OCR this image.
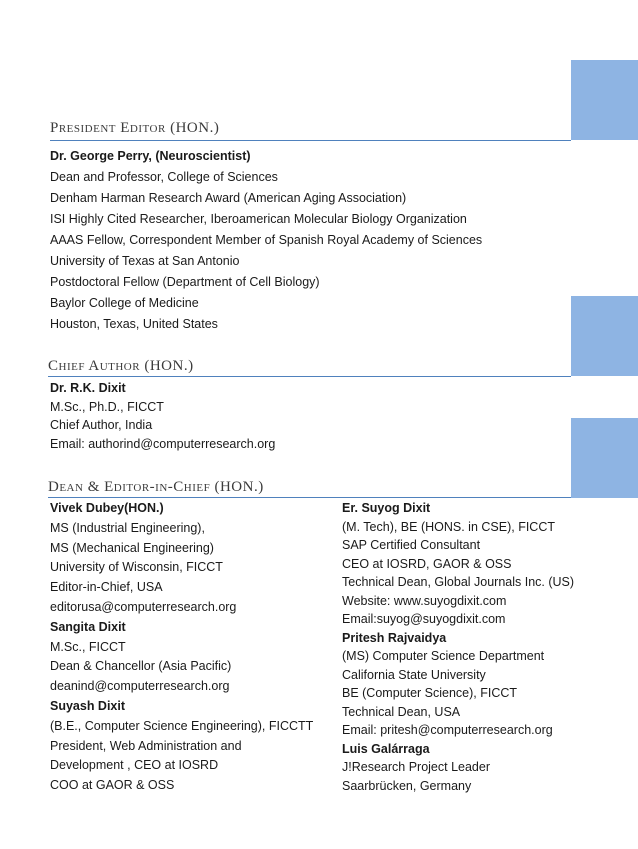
President Editor (HON.)
Dr. George Perry, (Neuroscientist)
Dean and Professor, College of Sciences
Denham Harman Research Award (American Aging Association)
ISI Highly Cited Researcher, Iberoamerican Molecular Biology Organization
AAAS Fellow, Correspondent Member of Spanish Royal Academy of Sciences
University of Texas at San Antonio
Postdoctoral Fellow (Department of Cell Biology)
Baylor College of Medicine
Houston, Texas, United States
Chief Author (HON.)
Dr. R.K. Dixit
M.Sc., Ph.D., FICCT
Chief Author, India
Email: authorind@computerresearch.org
Dean & Editor-in-Chief (HON.)
Vivek Dubey(HON.)
MS (Industrial Engineering),
MS (Mechanical Engineering)
University of Wisconsin, FICCT
Editor-in-Chief, USA
editorusa@computerresearch.org
Sangita Dixit
M.Sc., FICCT
Dean & Chancellor (Asia Pacific)
deanind@computerresearch.org
Suyash Dixit
(B.E., Computer Science Engineering), FICCTT
President, Web Administration and
Development , CEO at IOSRD
COO at GAOR & OSS
Er. Suyog Dixit
(M. Tech), BE (HONS. in CSE), FICCT
SAP Certified Consultant
CEO at IOSRD, GAOR & OSS
Technical Dean, Global Journals Inc. (US)
Website: www.suyogdixit.com
Email:suyog@suyogdixit.com
Pritesh Rajvaidya
(MS) Computer Science Department
California State University
BE (Computer Science), FICCT
Technical Dean, USA
Email: pritesh@computerresearch.org
Luis Galárraga
J!Research Project Leader
Saarbrücken, Germany
